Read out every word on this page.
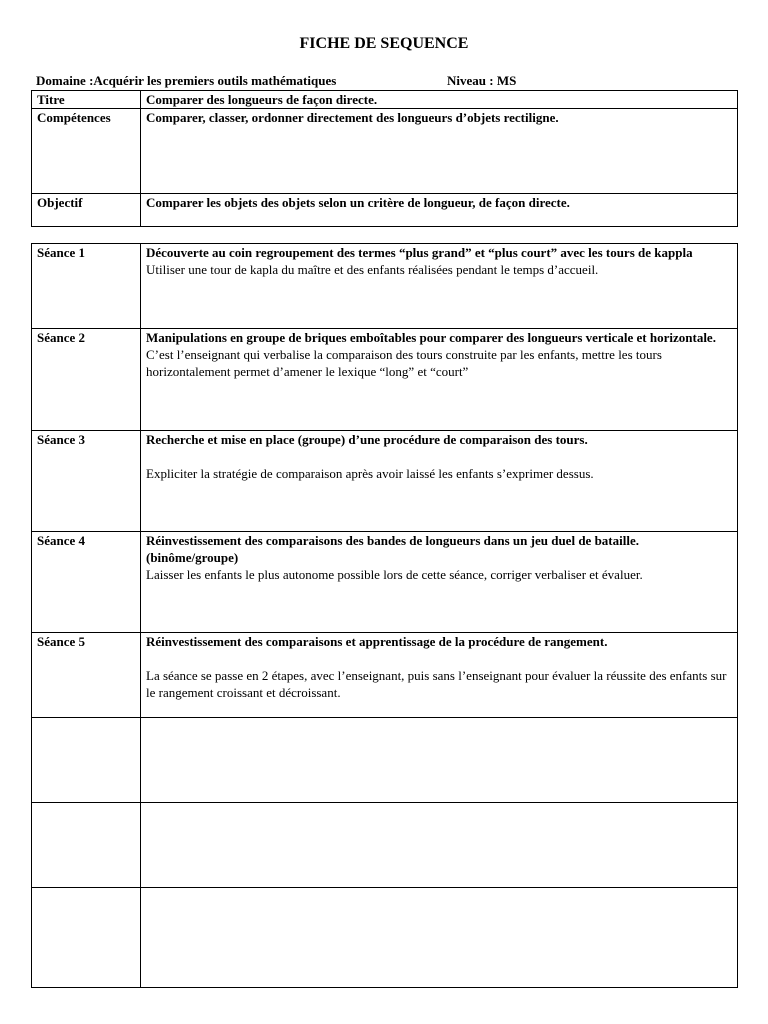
FICHE DE SEQUENCE
Domaine :Acquérir les premiers outils mathématiques	Niveau : MS
Titre	Comparer des longueurs de façon directe.
Compétences	Comparer, classer, ordonner directement des longueurs d’objets rectiligne.
Objectif	Comparer les objets des objets selon un critère de longueur, de façon directe.
Séance 1	Découverte au coin regroupement des termes “plus grand” et “plus court” avec les tours de kappla
Utiliser une tour de kapla du maître et des enfants réalisées pendant le temps d’accueil.

Séance 2	Manipulations en groupe de briques emboîtables pour comparer des longueurs verticale et horizontale.
C’est l’enseignant qui verbalise la comparaison des tours construite par les enfants, mettre les tours horizontalement permet d’amener le lexique “long” et “court”

Séance 3	Recherche et mise en place (groupe) d’une procédure de comparaison des tours.
Expliciter la stratégie de comparaison après avoir laissé les enfants s’exprimer dessus.

Séance 4	Réinvestissement des comparaisons des bandes de longueurs dans un jeu duel de bataille. (binôme/groupe)
Laisser les enfants le plus autonome possible lors de cette séance, corriger verbaliser et évaluer.

Séance 5	Réinvestissement des comparaisons et apprentissage de la procédure de rangement.
La séance se passe en 2 étapes, avec l’enseignant, puis sans l’enseignant pour évaluer la réussite des enfants sur le rangement croissant et décroissant.
